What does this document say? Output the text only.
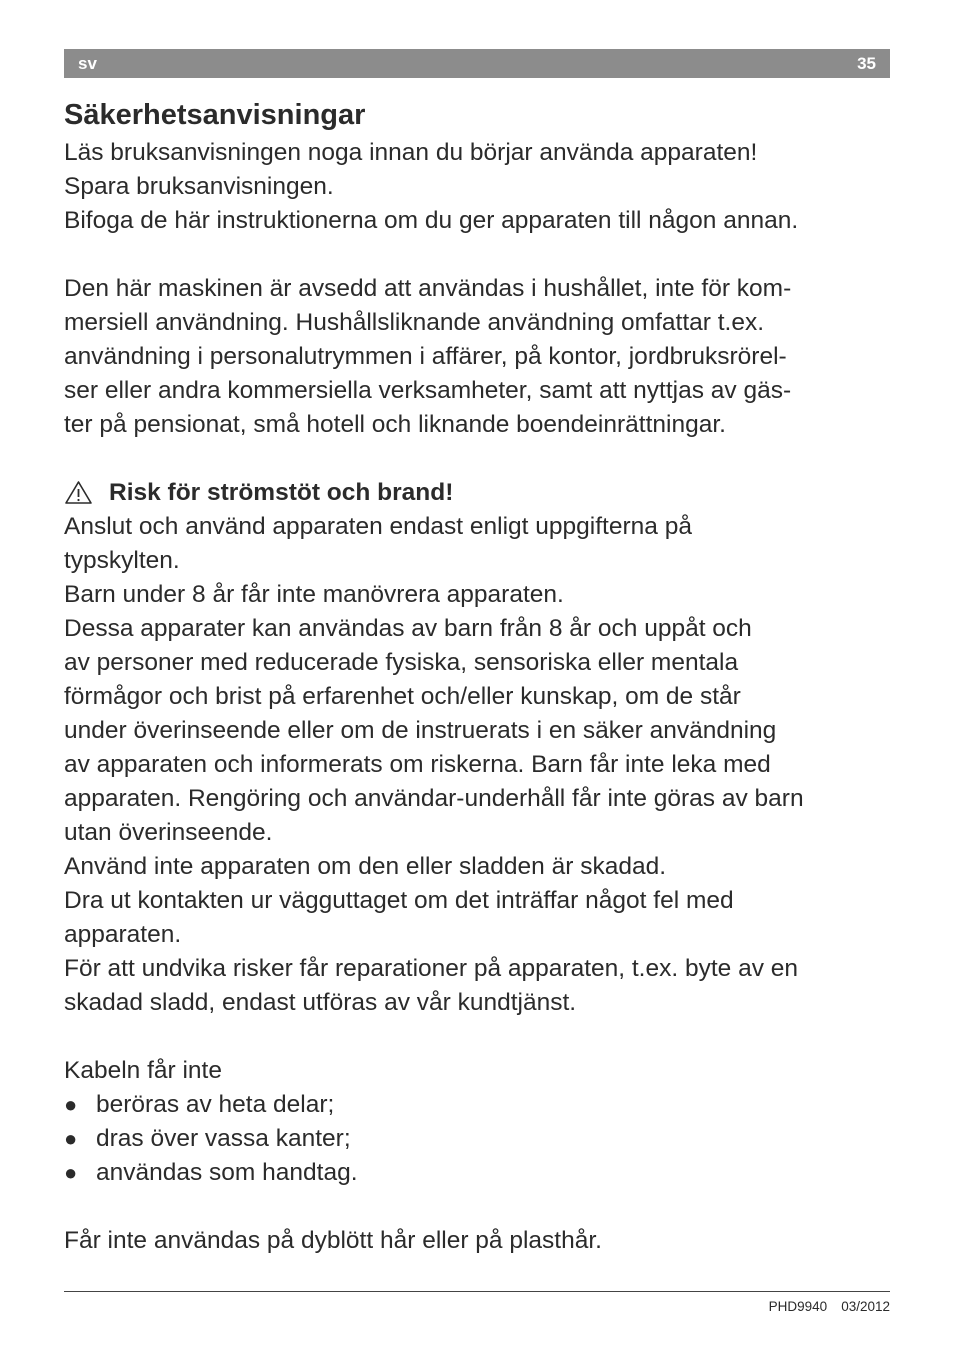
sv	35
Säkerhetsanvisningar

Läs bruksanvisningen noga innan du börjar använda apparaten!
Spara bruksanvisningen.
Bifoga de här instruktionerna om du ger apparaten till någon annan.

Den här maskinen är avsedd att användas i hushållet, inte för kom-
mersiell användning. Hushållsliknande användning omfattar t.ex.
användning i personalutrymmen i affärer, på kontor, jordbruksrörel-
ser eller andra kommersiella verksamheter, samt att nyttjas av gäs-
ter på pensionat, små hotell och liknande boendeinrättningar.

Risk för strömstöt och brand!

Anslut och använd apparaten endast enligt uppgifterna på
typskylten.
Barn under 8 år får inte manövrera apparaten.
Dessa apparater kan användas av barn från 8 år och uppåt och
av personer med reducerade fysiska, sensoriska eller mentala
förmågor och brist på erfarenhet och/eller kunskap, om de står
under överinseende eller om de instruerats i en säker användning
av apparaten och informerats om riskerna. Barn får inte leka med
apparaten. Rengöring och användar-underhåll får inte göras av barn
utan överinseende.
Använd inte apparaten om den eller sladden är skadad.
Dra ut kontakten ur vägguttaget om det inträffar något fel med
apparaten.
För att undvika risker får reparationer på apparaten, t.ex. byte av en
skadad sladd, endast utföras av vår kundtjänst.

Kabeln får inte

● beröras av heta delar;
● dras över vassa kanter;
● användas som handtag.

Får inte användas på dyblött hår eller på plasthår.

PHD9940 03/2012
